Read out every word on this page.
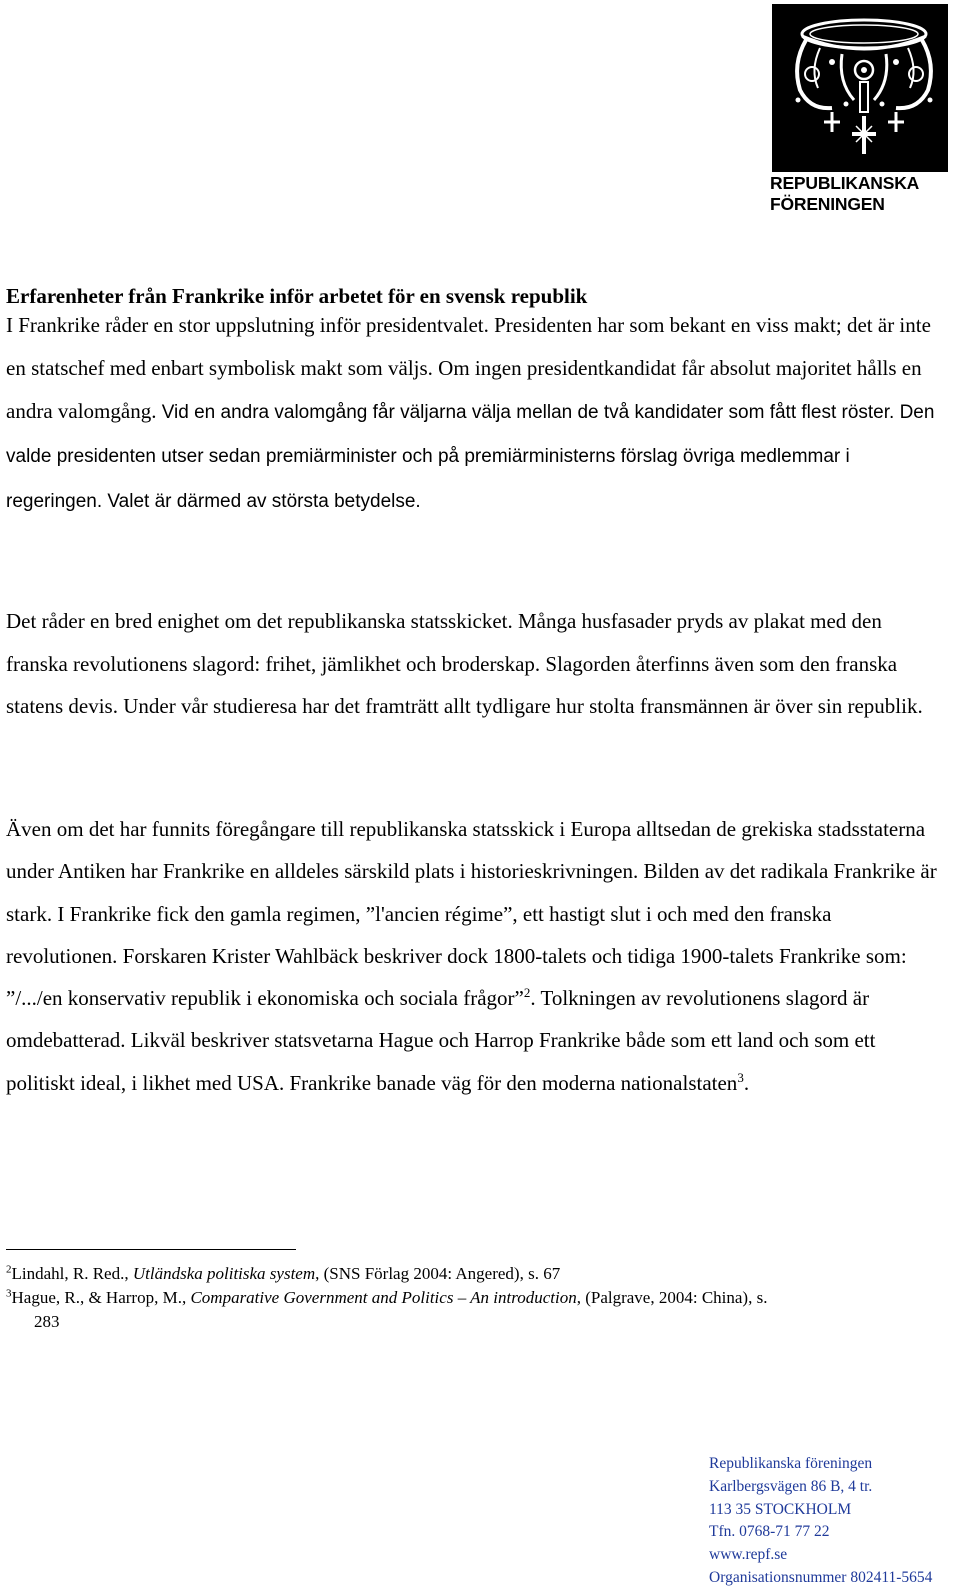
REPUBLIKANSKA
FÖRENINGEN
Erfarenheter från Frankrike inför arbetet för en svensk republik

I Frankrike råder en stor uppslutning inför presidentvalet. Presidenten har som bekant en viss makt; det är inte en statschef med enbart symbolisk makt som väljs. Om ingen presidentkandidat får absolut majoritet hålls en andra valomgång. Vid en andra valomgång får väljarna välja mellan de två kandidater som fått flest röster. Den valde presidenten utser sedan premiärminister och på premiärministerns förslag övriga medlemmar i regeringen. Valet är därmed av största betydelse.

Det råder en bred enighet om det republikanska statsskicket. Många husfasader pryds av plakat med den franska revolutionens slagord: frihet, jämlikhet och broderskap. Slagorden återfinns även som den franska statens devis. Under vår studieresa har det framträtt allt tydligare hur stolta fransmännen är över sin republik.

Även om det har funnits föregångare till republikanska statsskick i Europa alltsedan de grekiska stadsstaterna under Antiken har Frankrike en alldeles särskild plats i historieskrivningen. Bilden av det radikala Frankrike är stark. I Frankrike fick den gamla regimen, ”l'ancien régime”, ett hastigt slut i och med den franska revolutionen. Forskaren Krister Wahlbäck beskriver dock 1800-talets och tidiga 1900-talets Frankrike som: ”/.../en konservativ republik i ekonomiska och sociala frågor”$^2$. Tolkningen av revolutionens slagord är omdebatterad. Likväl beskriver statsvetarna Hague och Harrop Frankrike både som ett land och som ett politiskt ideal, i likhet med USA. Frankrike banade väg för den moderna nationalstaten$^3$.

$^2$Lindahl, R. Red., Utländska politiska system, (SNS Förlag 2004: Angered), s. 67
$^3$Hague, R., & Harrop, M., Comparative Government and Politics – An introduction, (Palgrave, 2004: China), s.
283
Republikanska föreningen
Karlbergsvägen 86 B, 4 tr.
113 35 STOCKHOLM
Tfn. 0768-71 77 22
www.repf.se
Organisationsnummer 802411-5654
